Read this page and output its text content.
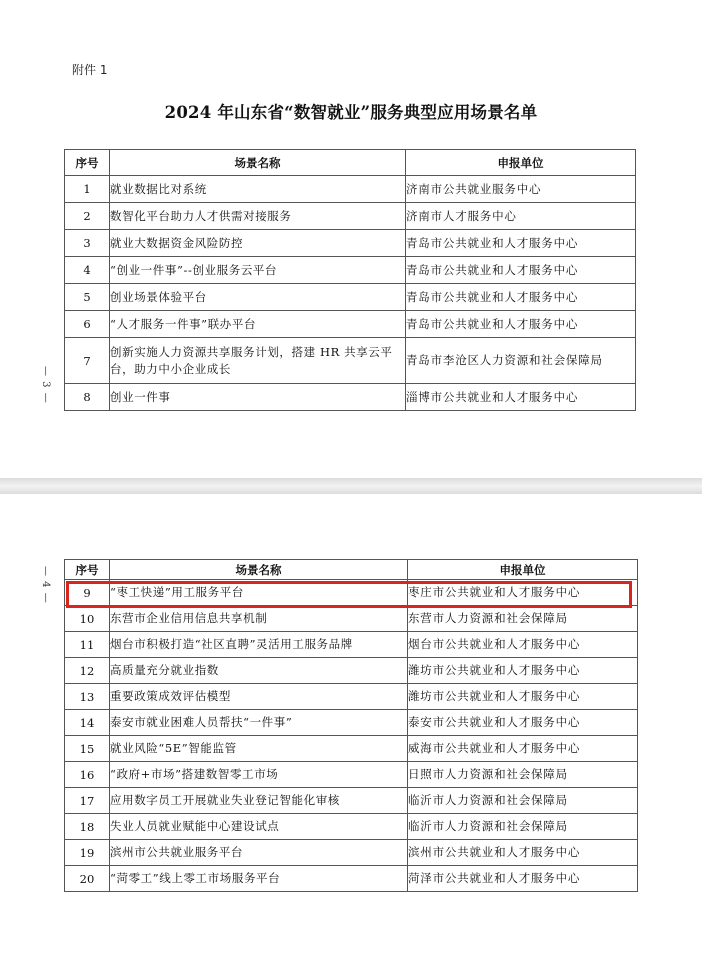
附件 1
2024 年山东省“数智就业”服务典型应用场景名单
— 3 —
序号	场景名称	申报单位
1	就业数据比对系统	济南市公共就业服务中心
2	数智化平台助力人才供需对接服务	济南市人才服务中心
3	就业大数据资金风险防控	青岛市公共就业和人才服务中心
4	“创业一件事”--创业服务云平台	青岛市公共就业和人才服务中心
5	创业场景体验平台	青岛市公共就业和人才服务中心
6	“人才服务一件事”联办平台	青岛市公共就业和人才服务中心
7	创新实施人力资源共享服务计划，搭建 HR 共享云平台，助力中小企业成长	青岛市李沧区人力资源和社会保障局
8	创业一件事	淄博市公共就业和人才服务中心
— 4 — 序号	场景名称	申报单位
9	“枣工快递”用工服务平台	枣庄市公共就业和人才服务中心
10	东营市企业信用信息共享机制	东营市人力资源和社会保障局
11	烟台市积极打造“社区直聘”灵活用工服务品牌	烟台市公共就业和人才服务中心
12	高质量充分就业指数	潍坊市公共就业和人才服务中心
13	重要政策成效评估模型	潍坊市公共就业和人才服务中心
14	泰安市就业困难人员帮扶“一件事”	泰安市公共就业和人才服务中心
15	就业风险“5E”智能监管	威海市公共就业和人才服务中心
16	“政府+市场”搭建数智零工市场	日照市人力资源和社会保障局
17	应用数字员工开展就业失业登记智能化审核	临沂市人力资源和社会保障局
18	失业人员就业赋能中心建设试点	临沂市人力资源和社会保障局
19	滨州市公共就业服务平台	滨州市公共就业和人才服务中心
20	“菏零工”线上零工市场服务平台	菏泽市公共就业和人才服务中心
